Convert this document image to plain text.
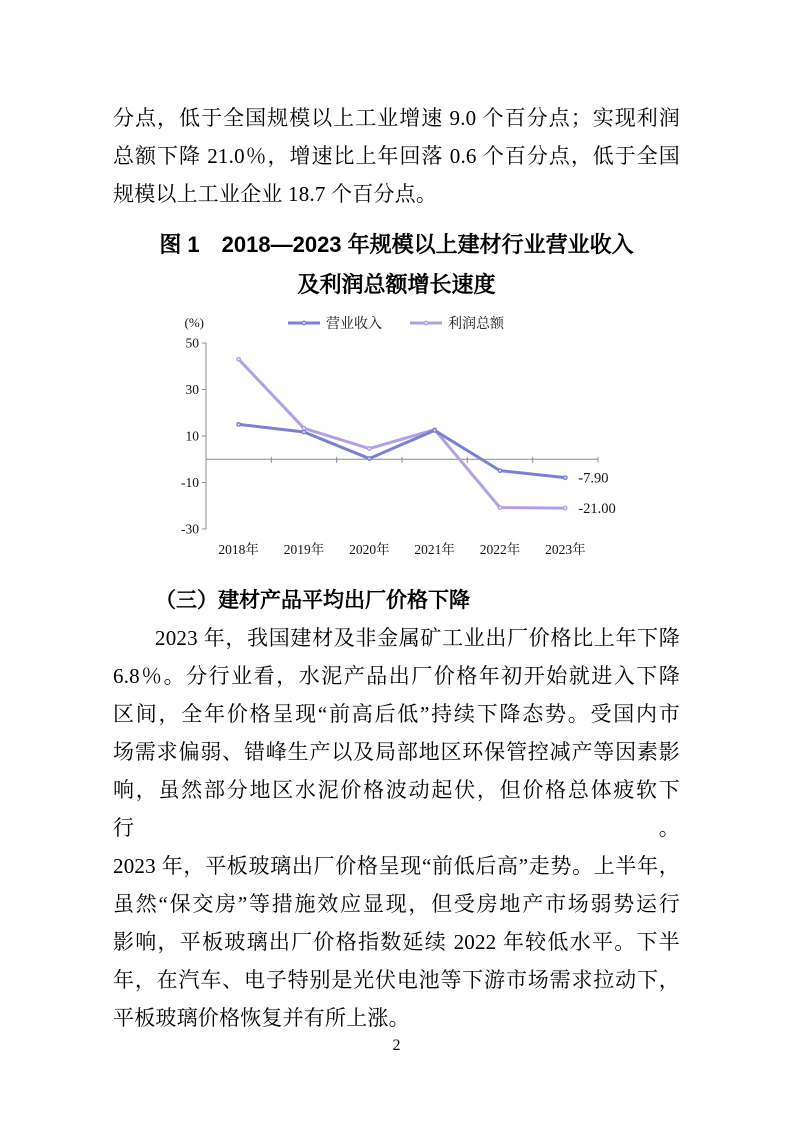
分点，低于全国规模以上工业增速 9.0 个百分点；实现利润
总额下降 21.0％，增速比上年回落 0.6 个百分点，低于全国
规模以上工业企业 18.7 个百分点。
图 1　2018—2023 年规模以上建材行业营业收入
及利润总额增长速度
50
30
10
-10
-30
(%)
2018年 2019年 2020年 2021年 2022年 2023年
-21.00
-7.90
营业收入	利润总额
（三）建材产品平均出厂价格下降
2023 年，我国建材及非金属矿工业出厂价格比上年下降
6.8％。分行业看，水泥产品出厂价格年初开始就进入下降
区间，全年价格呈现“前高后低”持续下降态势。受国内市
场需求偏弱、错峰生产以及局部地区环保管控减产等因素影
响，虽然部分地区水泥价格波动起伏，但价格总体疲软下行。
2023 年，平板玻璃出厂价格呈现“前低后高”走势。上半年，
虽然“保交房”等措施效应显现，但受房地产市场弱势运行
影响，平板玻璃出厂价格指数延续 2022 年较低水平。下半
年，在汽车、电子特别是光伏电池等下游市场需求拉动下，
平板玻璃价格恢复并有所上涨。
2
